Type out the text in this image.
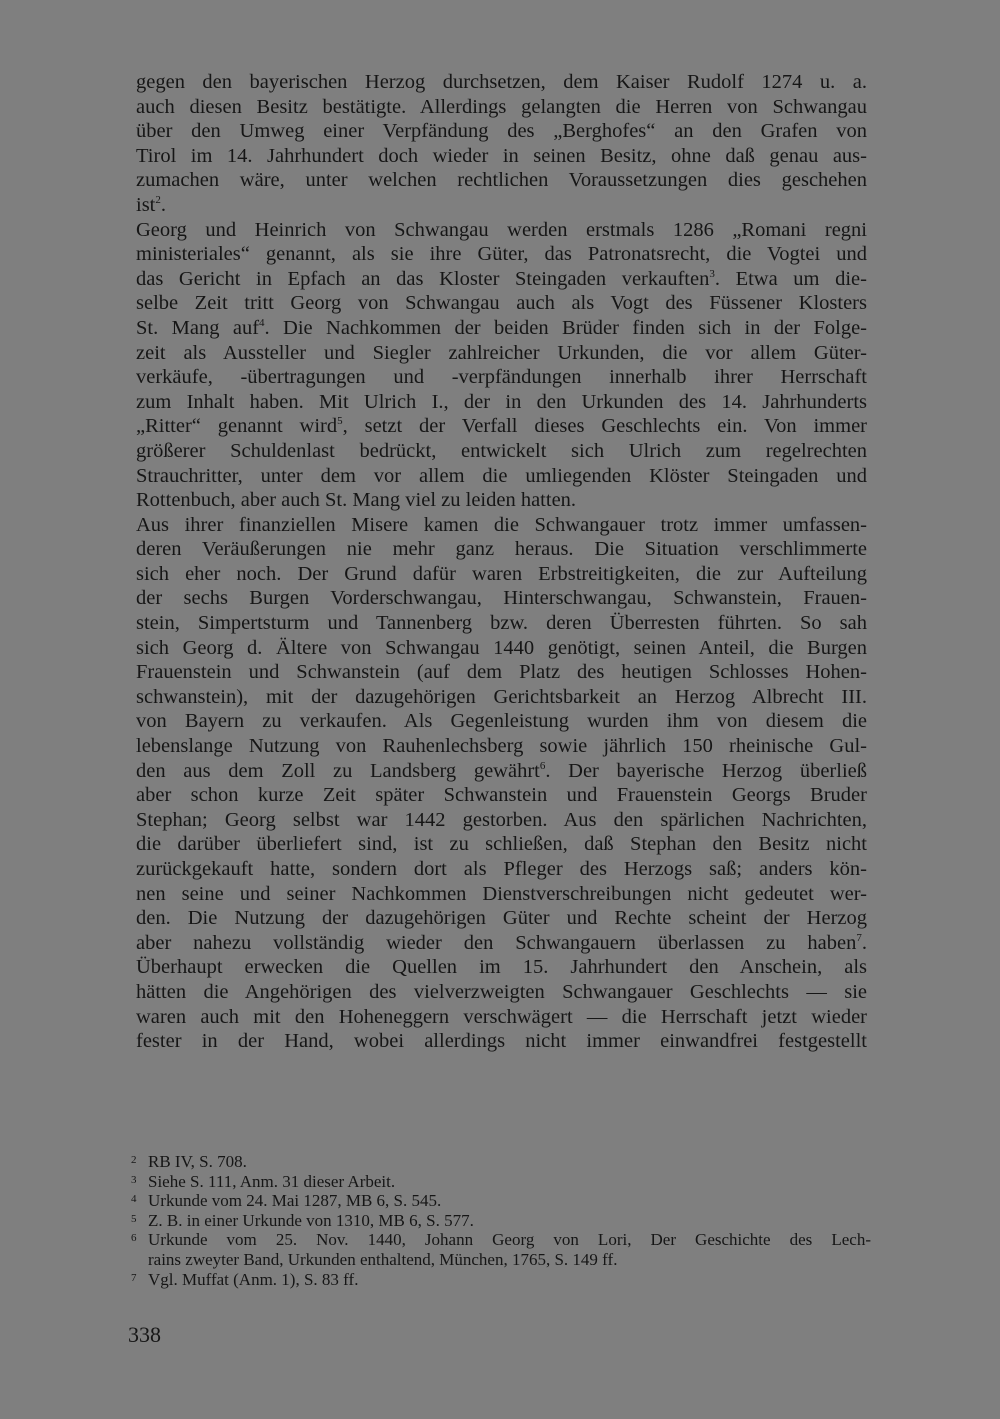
gegen den bayerischen Herzog durchsetzen, dem Kaiser Rudolf 1274 u. a.
auch diesen Besitz bestätigte. Allerdings gelangten die Herren von Schwangau
über den Umweg einer Verpfändung des „Berghofes“ an den Grafen von
Tirol im 14. Jahrhundert doch wieder in seinen Besitz, ohne daß genau aus-
zumachen wäre, unter welchen rechtlichen Voraussetzungen dies geschehen
ist$^2$.
Georg und Heinrich von Schwangau werden erstmals 1286 „Romani regni
ministeriales“ genannt, als sie ihre Güter, das Patronatsrecht, die Vogtei und
das Gericht in Epfach an das Kloster Steingaden verkauften$^3$. Etwa um die-
selbe Zeit tritt Georg von Schwangau auch als Vogt des Füssener Klosters
St. Mang auf$^4$. Die Nachkommen der beiden Brüder finden sich in der Folge-
zeit als Aussteller und Siegler zahlreicher Urkunden, die vor allem Güter-
verkäufe, -übertragungen und -verpfändungen innerhalb ihrer Herrschaft
zum Inhalt haben. Mit Ulrich I., der in den Urkunden des 14. Jahrhunderts
„Ritter“ genannt wird$^5$, setzt der Verfall dieses Geschlechts ein. Von immer
größerer Schuldenlast bedrückt, entwickelt sich Ulrich zum regelrechten
Strauchritter, unter dem vor allem die umliegenden Klöster Steingaden und
Rottenbuch, aber auch St. Mang viel zu leiden hatten.
Aus ihrer finanziellen Misere kamen die Schwangauer trotz immer umfassen-
deren Veräußerungen nie mehr ganz heraus. Die Situation verschlimmerte
sich eher noch. Der Grund dafür waren Erbstreitigkeiten, die zur Aufteilung
der sechs Burgen Vorderschwangau, Hinterschwangau, Schwanstein, Frauen-
stein, Simpertsturm und Tannenberg bzw. deren Überresten führten. So sah
sich Georg d. Ältere von Schwangau 1440 genötigt, seinen Anteil, die Burgen
Frauenstein und Schwanstein (auf dem Platz des heutigen Schlosses Hohen-
schwanstein), mit der dazugehörigen Gerichtsbarkeit an Herzog Albrecht III.
von Bayern zu verkaufen. Als Gegenleistung wurden ihm von diesem die
lebenslange Nutzung von Rauhenlechsberg sowie jährlich 150 rheinische Gul-
den aus dem Zoll zu Landsberg gewährt$^6$. Der bayerische Herzog überließ
aber schon kurze Zeit später Schwanstein und Frauenstein Georgs Bruder
Stephan; Georg selbst war 1442 gestorben. Aus den spärlichen Nachrichten,
die darüber überliefert sind, ist zu schließen, daß Stephan den Besitz nicht
zurückgekauft hatte, sondern dort als Pfleger des Herzogs saß; anders kön-
nen seine und seiner Nachkommen Dienstverschreibungen nicht gedeutet wer-
den. Die Nutzung der dazugehörigen Güter und Rechte scheint der Herzog
aber nahezu vollständig wieder den Schwangauern überlassen zu haben$^7$.
Überhaupt erwecken die Quellen im 15. Jahrhundert den Anschein, als
hätten die Angehörigen des vielverzweigten Schwangauer Geschlechts — sie
waren auch mit den Hoheneggern verschwägert — die Herrschaft jetzt wieder
fester in der Hand, wobei allerdings nicht immer einwandfrei festgestellt
2 RB IV, S. 708.
3 Siehe S. 111, Anm. 31 dieser Arbeit.
4 Urkunde vom 24. Mai 1287, MB 6, S. 545.
5 Z. B. in einer Urkunde von 1310, MB 6, S. 577.
6 Urkunde vom 25. Nov. 1440, Johann Georg von Lori, Der Geschichte des Lech-
rains zweyter Band, Urkunden enthaltend, München, 1765, S. 149 ff.
7 Vgl. Muffat (Anm. 1), S. 83 ff.
338
